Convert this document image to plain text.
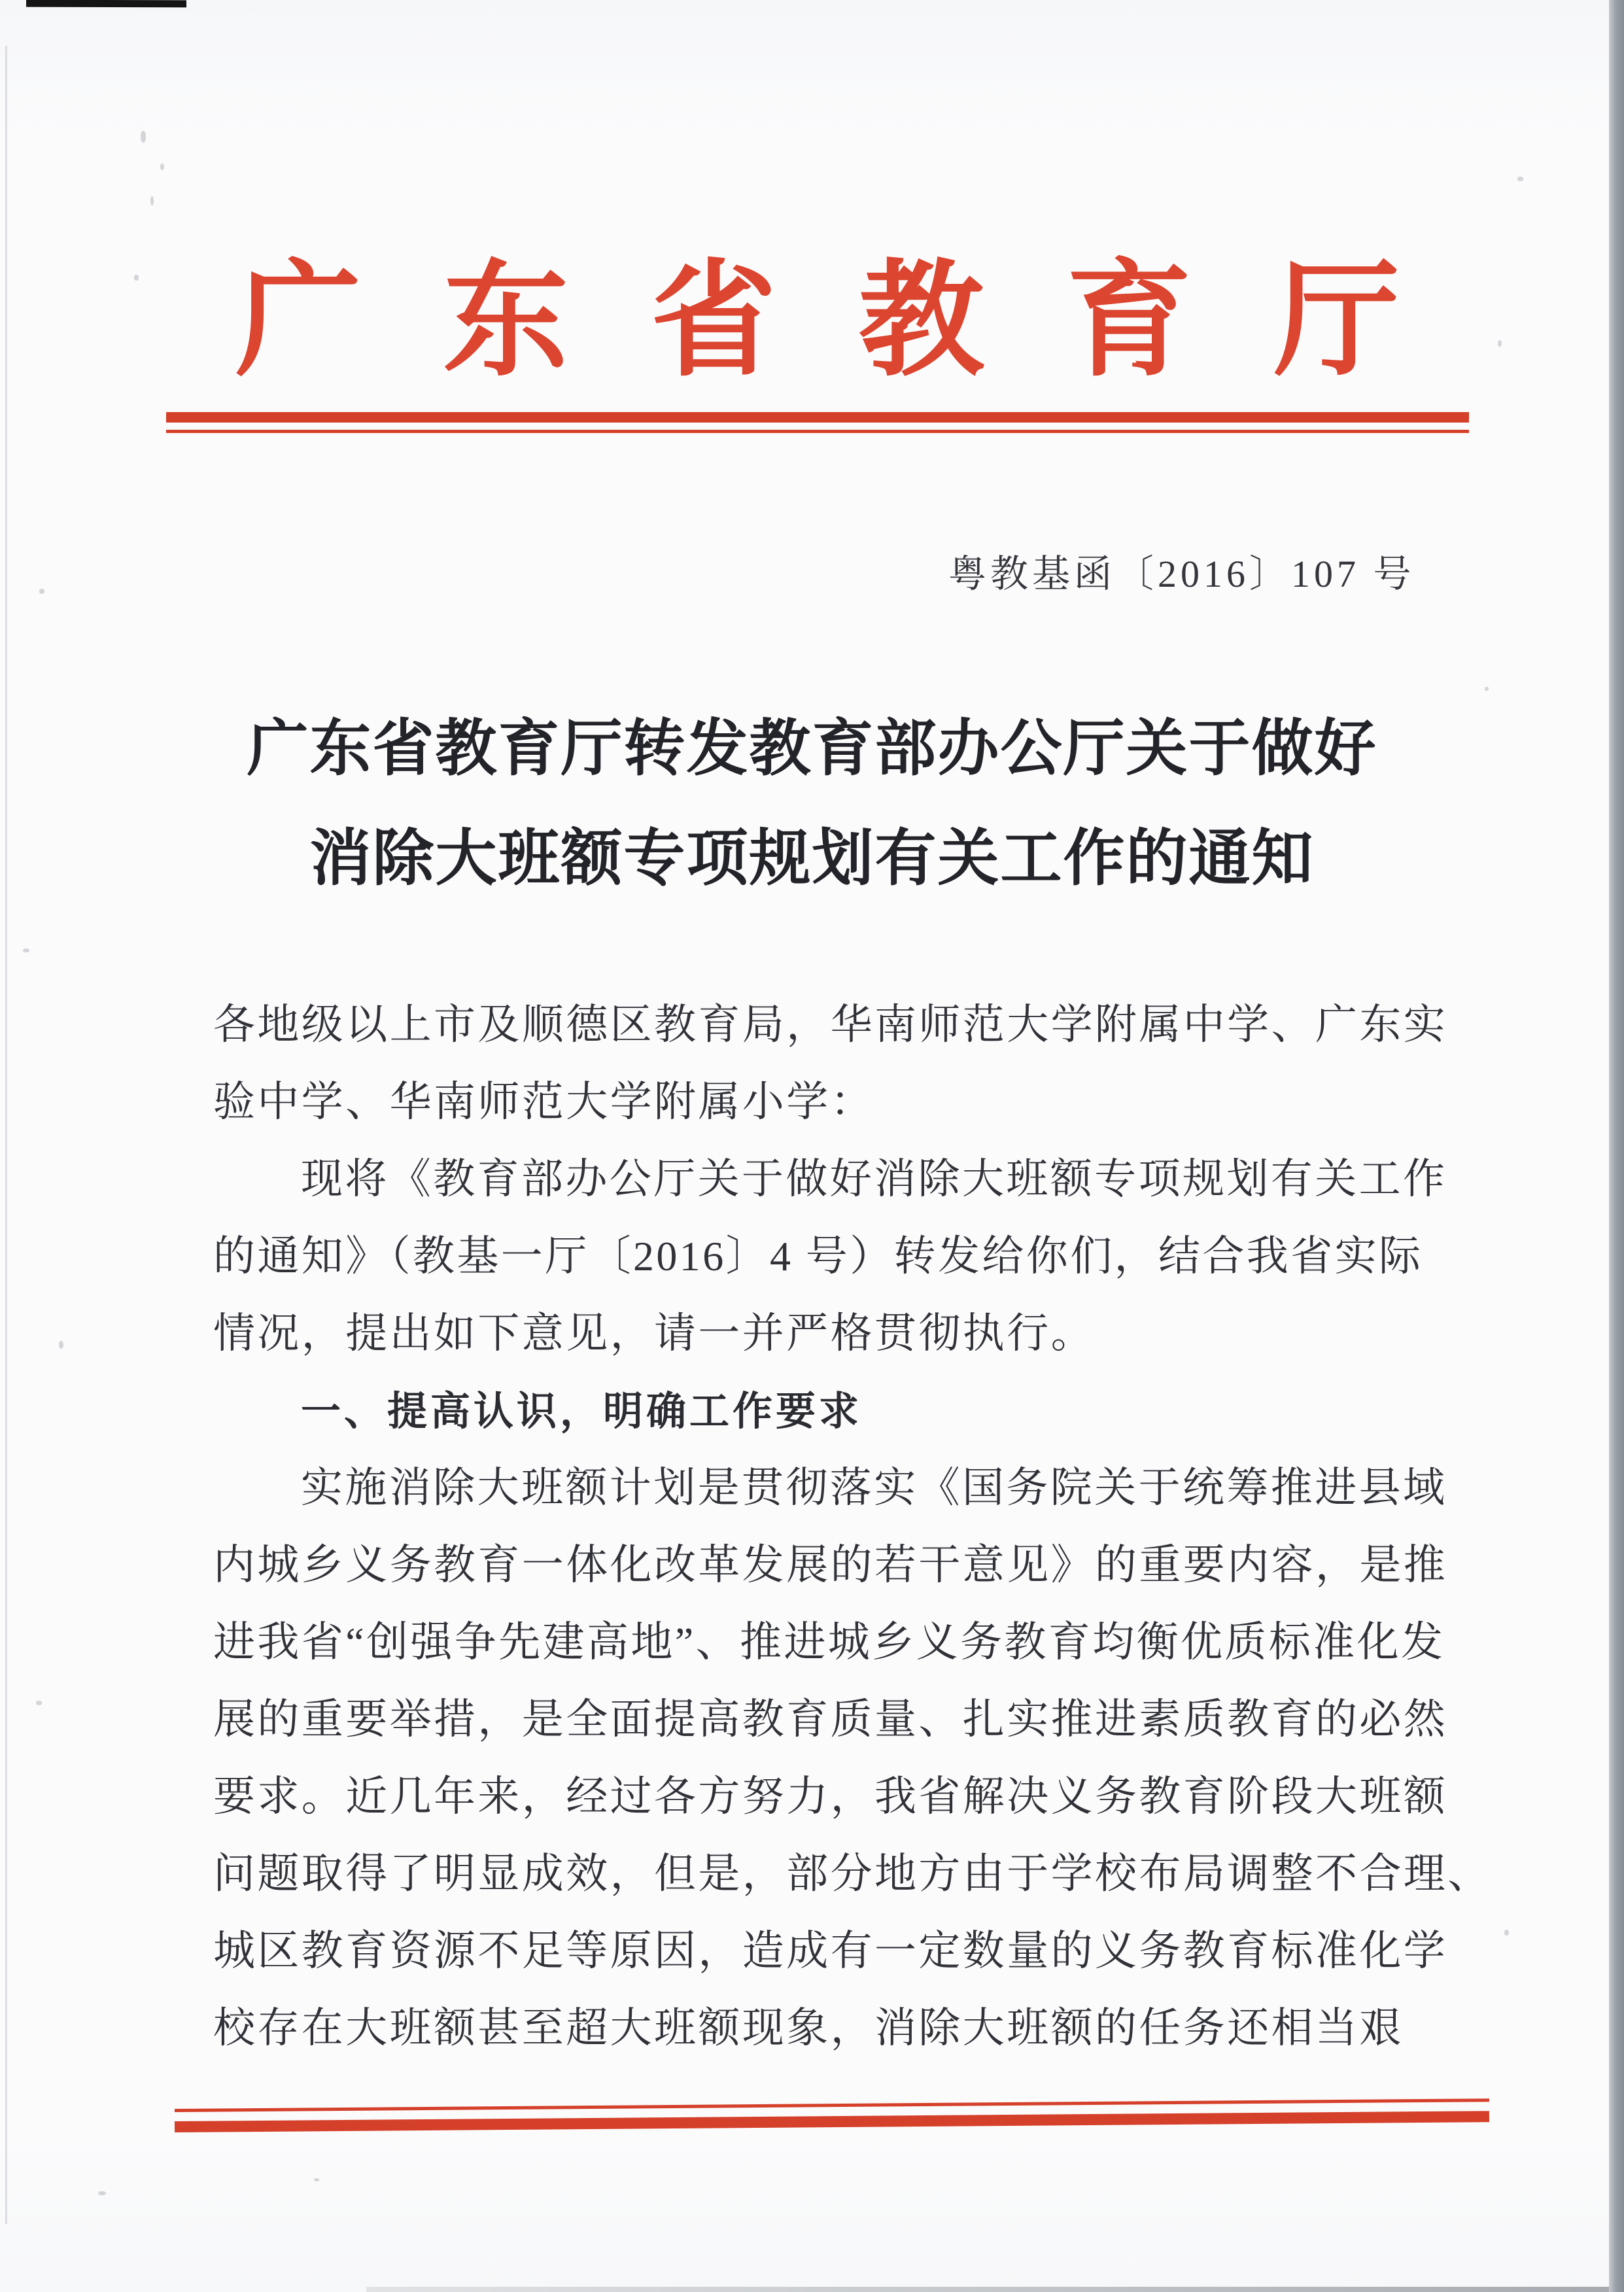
广 东 省 教 育 厅
粤教基函〔2016〕107 号
广东省教育厅转发教育部办公厅关于做好
消除大班额专项规划有关工作的通知
各地级以上市及顺德区教育局，华南师范大学附属中学、广东实
验中学、华南师范大学附属小学：
现将《教育部办公厅关于做好消除大班额专项规划有关工作
的通知》（教基一厅〔2016〕4 号）转发给你们，结合我省实际
情况，提出如下意见，请一并严格贯彻执行。
一、提高认识，明确工作要求
实施消除大班额计划是贯彻落实《国务院关于统筹推进县域
内城乡义务教育一体化改革发展的若干意见》的重要内容，是推
进我省“创强争先建高地”、推进城乡义务教育均衡优质标准化发
展的重要举措，是全面提高教育质量、扎实推进素质教育的必然
要求。近几年来，经过各方努力，我省解决义务教育阶段大班额
问题取得了明显成效，但是，部分地方由于学校布局调整不合理、
城区教育资源不足等原因，造成有一定数量的义务教育标准化学
校存在大班额甚至超大班额现象，消除大班额的任务还相当艰
